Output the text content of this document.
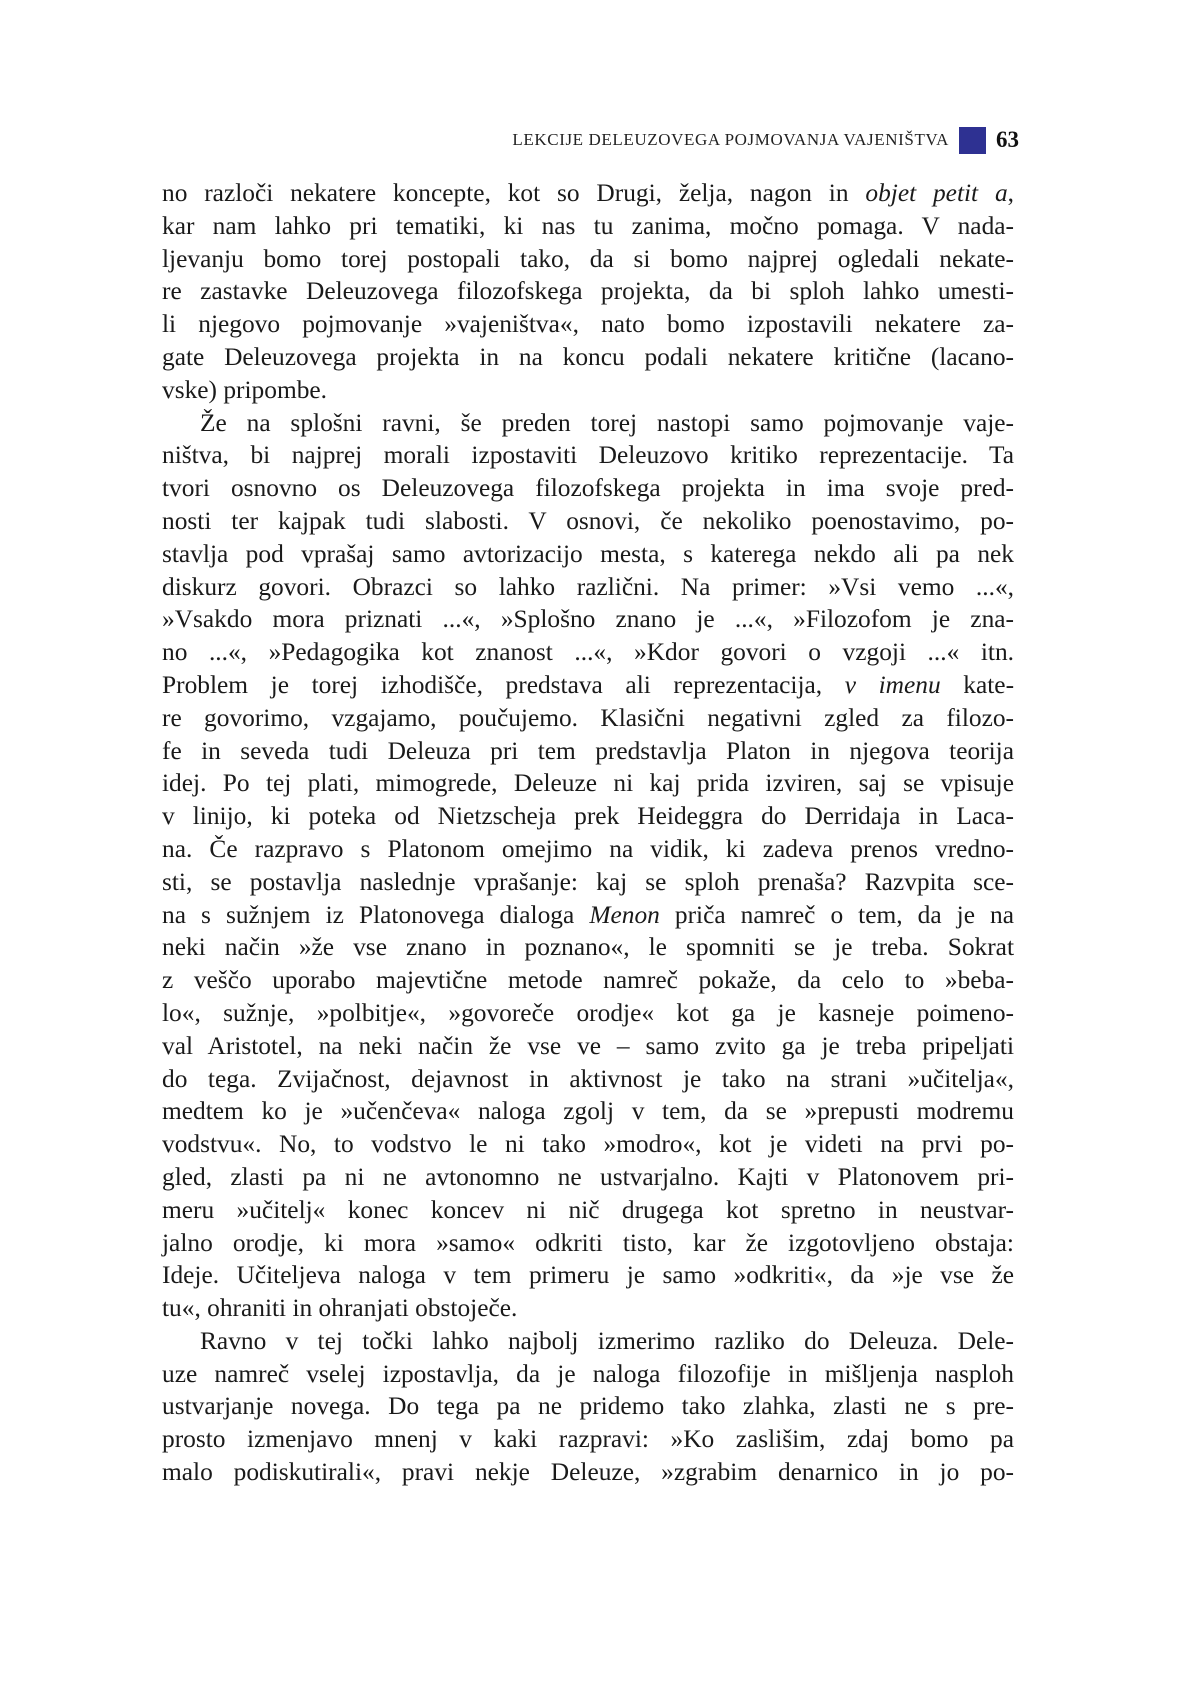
LEKCIJE DELEUZOVEGA POJMOVANJA VAJENIŠTVA 63
no razloči nekatere koncepte, kot so Drugi, želja, nagon in objet petit a,
kar nam lahko pri tematiki, ki nas tu zanima, močno pomaga. V nada-
ljevanju bomo torej postopali tako, da si bomo najprej ogledali nekate-
re zastavke Deleuzovega filozofskega projekta, da bi sploh lahko umesti-
li njegovo pojmovanje »vajeništva«, nato bomo izpostavili nekatere za-
gate Deleuzovega projekta in na koncu podali nekatere kritične (lacano-
vske) pripombe.
Že na splošni ravni, še preden torej nastopi samo pojmovanje vaje-
ništva, bi najprej morali izpostaviti Deleuzovo kritiko reprezentacije. Ta
tvori osnovno os Deleuzovega filozofskega projekta in ima svoje pred-
nosti ter kajpak tudi slabosti. V osnovi, če nekoliko poenostavimo, po-
stavlja pod vprašaj samo avtorizacijo mesta, s katerega nekdo ali pa nek
diskurz govori. Obrazci so lahko različni. Na primer: »Vsi vemo ...«,
»Vsakdo mora priznati ...«, »Splošno znano je ...«, »Filozofom je zna-
no ...«, »Pedagogika kot znanost ...«, »Kdor govori o vzgoji ...« itn.
Problem je torej izhodišče, predstava ali reprezentacija, v imenu kate-
re govorimo, vzgajamo, poučujemo. Klasični negativni zgled za filozo-
fe in seveda tudi Deleuza pri tem predstavlja Platon in njegova teorija
idej. Po tej plati, mimogrede, Deleuze ni kaj prida izviren, saj se vpisuje
v linijo, ki poteka od Nietzscheja prek Heideggra do Derridaja in Laca-
na. Če razpravo s Platonom omejimo na vidik, ki zadeva prenos vredno-
sti, se postavlja naslednje vprašanje: kaj se sploh prenaša? Razvpita sce-
na s sužnjem iz Platonovega dialoga Menon priča namreč o tem, da je na
neki način »že vse znano in poznano«, le spomniti se je treba. Sokrat
z veščo uporabo majevtične metode namreč pokaže, da celo to »beba-
lo«, sužnje, »polbitje«, »govoreče orodje« kot ga je kasneje poimeno-
val Aristotel, na neki način že vse ve – samo zvito ga je treba pripeljati
do tega. Zvijačnost, dejavnost in aktivnost je tako na strani »učitelja«,
medtem ko je »učenčeva« naloga zgolj v tem, da se »prepusti modremu
vodstvu«. No, to vodstvo le ni tako »modro«, kot je videti na prvi po-
gled, zlasti pa ni ne avtonomno ne ustvarjalno. Kajti v Platonovem pri-
meru »učitelj« konec koncev ni nič drugega kot spretno in neustvar-
jalno orodje, ki mora »samo« odkriti tisto, kar že izgotovljeno obstaja:
Ideje. Učiteljeva naloga v tem primeru je samo »odkriti«, da »je vse že
tu«, ohraniti in ohranjati obstoječe.
Ravno v tej točki lahko najbolj izmerimo razliko do Deleuza. Dele-
uze namreč vselej izpostavlja, da je naloga filozofije in mišljenja nasploh
ustvarjanje novega. Do tega pa ne pridemo tako zlahka, zlasti ne s pre-
prosto izmenjavo mnenj v kaki razpravi: »Ko zaslišim, zdaj bomo pa
malo podiskutirali«, pravi nekje Deleuze, »zgrabim denarnico in jo po-
